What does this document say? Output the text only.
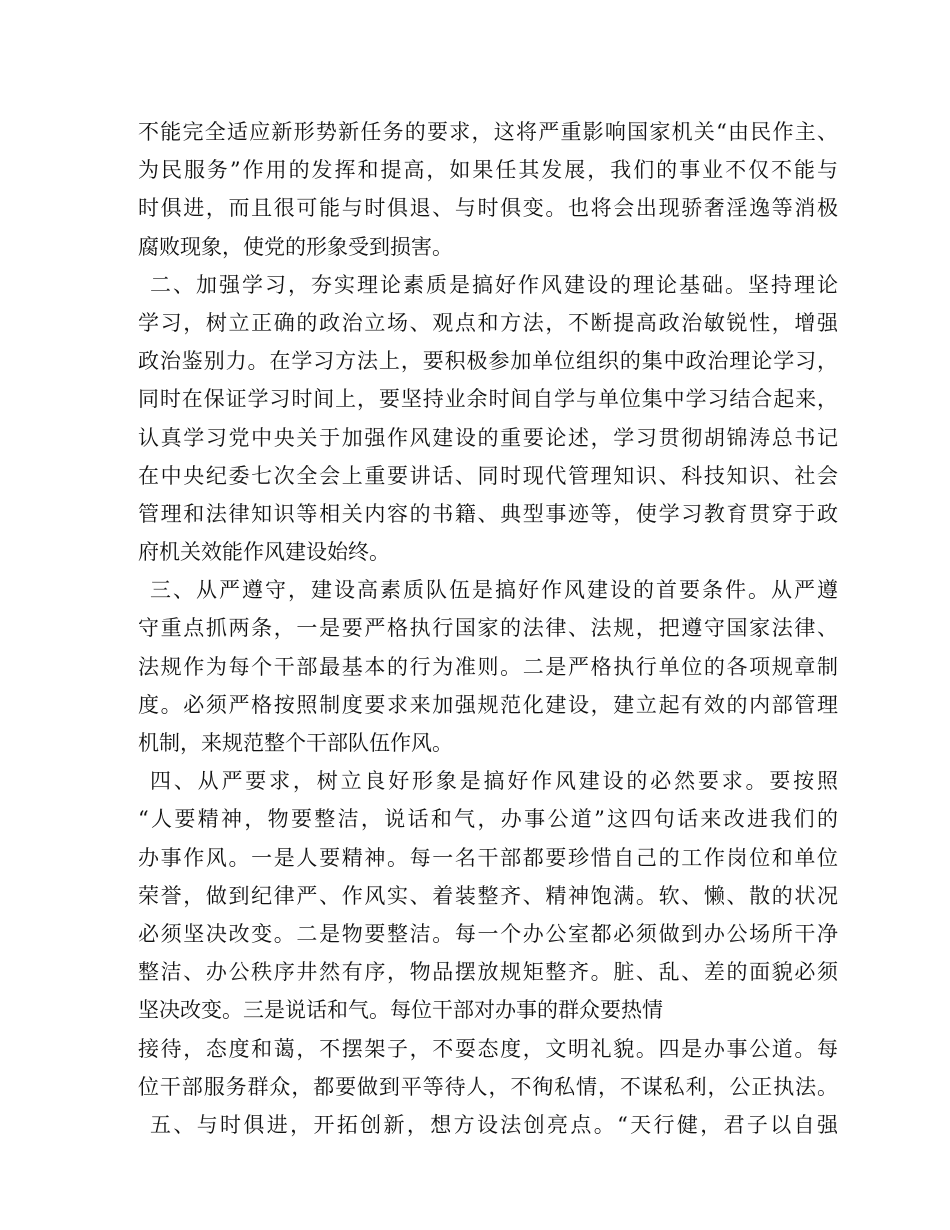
不能完全适应新形势新任务的要求，这将严重影响国家机关“由民作主、
为民服务”作用的发挥和提高，如果任其发展，我们的事业不仅不能与
时俱进，而且很可能与时俱退、与时俱变。也将会出现骄奢淫逸等消极
腐败现象，使党的形象受到损害。
二、加强学习，夯实理论素质是搞好作风建设的理论基础。坚持理论
学习，树立正确的政治立场、观点和方法，不断提高政治敏锐性，增强
政治鉴别力。在学习方法上，要积极参加单位组织的集中政治理论学习，
同时在保证学习时间上，要坚持业余时间自学与单位集中学习结合起来，
认真学习党中央关于加强作风建设的重要论述，学习贯彻胡锦涛总书记
在中央纪委七次全会上重要讲话、同时现代管理知识、科技知识、社会
管理和法律知识等相关内容的书籍、典型事迹等，使学习教育贯穿于政
府机关效能作风建设始终。
三、从严遵守，建设高素质队伍是搞好作风建设的首要条件。从严遵
守重点抓两条，一是要严格执行国家的法律、法规，把遵守国家法律、
法规作为每个干部最基本的行为准则。二是严格执行单位的各项规章制
度。必须严格按照制度要求来加强规范化建设，建立起有效的内部管理
机制，来规范整个干部队伍作风。
四、从严要求，树立良好形象是搞好作风建设的必然要求。要按照
“人要精神，物要整洁，说话和气，办事公道”这四句话来改进我们的
办事作风。一是人要精神。每一名干部都要珍惜自己的工作岗位和单位
荣誉，做到纪律严、作风实、着装整齐、精神饱满。软、懒、散的状况
必须坚决改变。二是物要整洁。每一个办公室都必须做到办公场所干净
整洁、办公秩序井然有序，物品摆放规矩整齐。脏、乱、差的面貌必须
坚决改变。三是说话和气。每位干部对办事的群众要热情
接待，态度和蔼，不摆架子，不耍态度，文明礼貌。四是办事公道。每
位干部服务群众，都要做到平等待人，不徇私情，不谋私利，公正执法。
五、与时俱进，开拓创新，想方设法创亮点。“天行健，君子以自强
